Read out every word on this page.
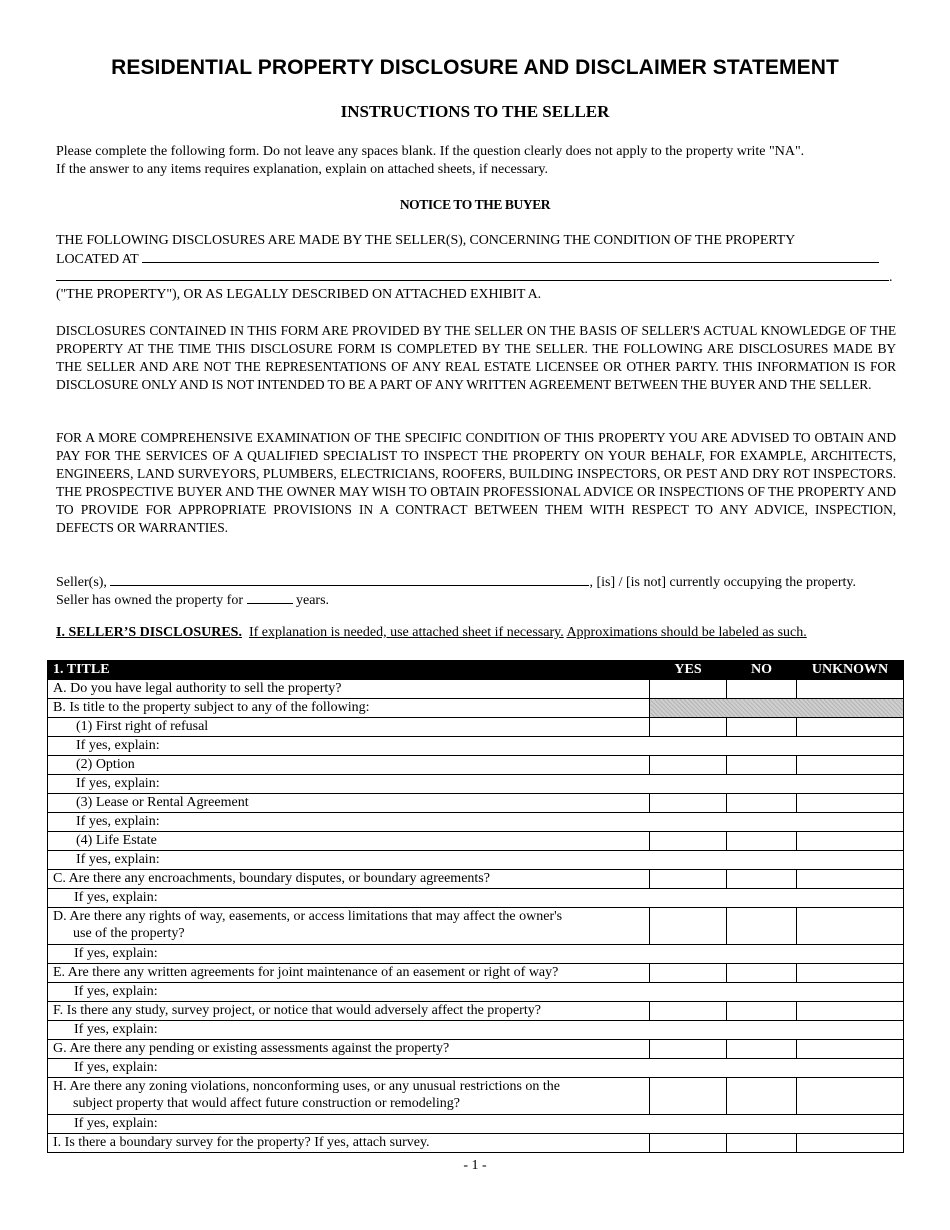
RESIDENTIAL PROPERTY DISCLOSURE AND DISCLAIMER STATEMENT
INSTRUCTIONS TO THE SELLER
Please complete the following form. Do not leave any spaces blank. If the question clearly does not apply to the property write "NA".
If the answer to any items requires explanation, explain on attached sheets, if necessary.
NOTICE TO THE BUYER
THE FOLLOWING DISCLOSURES ARE MADE BY THE SELLER(S), CONCERNING THE CONDITION OF THE PROPERTY
LOCATED AT
.
("THE PROPERTY"), OR AS LEGALLY DESCRIBED ON ATTACHED EXHIBIT A.
DISCLOSURES CONTAINED IN THIS FORM ARE PROVIDED BY THE SELLER ON THE BASIS OF SELLER'S ACTUAL KNOWLEDGE OF THE PROPERTY AT THE TIME THIS DISCLOSURE FORM IS COMPLETED BY THE SELLER. THE FOLLOWING ARE DISCLOSURES MADE BY THE SELLER AND ARE NOT THE REPRESENTATIONS OF ANY REAL ESTATE LICENSEE OR OTHER PARTY. THIS INFORMATION IS FOR DISCLOSURE ONLY AND IS NOT INTENDED TO BE A PART OF ANY WRITTEN AGREEMENT BETWEEN THE BUYER AND THE SELLER.
FOR A MORE COMPREHENSIVE EXAMINATION OF THE SPECIFIC CONDITION OF THIS PROPERTY YOU ARE ADVISED TO OBTAIN AND PAY FOR THE SERVICES OF A QUALIFIED SPECIALIST TO INSPECT THE PROPERTY ON YOUR BEHALF, FOR EXAMPLE, ARCHITECTS, ENGINEERS, LAND SURVEYORS, PLUMBERS, ELECTRICIANS, ROOFERS, BUILDING INSPECTORS, OR PEST AND DRY ROT INSPECTORS. THE PROSPECTIVE BUYER AND THE OWNER MAY WISH TO OBTAIN PROFESSIONAL ADVICE OR INSPECTIONS OF THE PROPERTY AND TO PROVIDE FOR APPROPRIATE PROVISIONS IN A CONTRACT BETWEEN THEM WITH RESPECT TO ANY ADVICE, INSPECTION, DEFECTS OR WARRANTIES.
Seller(s),	, [is] / [is not] currently occupying the property.
Seller has owned the property for	years.
I. SELLER’S DISCLOSURES. If explanation is needed, use attached sheet if necessary. Approximations should be labeled as such.
1. TITLE	YES	NO	UNKNOWN
A. Do you have legal authority to sell the property?			
B. Is title to the property subject to any of the following:			
(1) First right of refusal			
If yes, explain:			
(2) Option			
If yes, explain:			
(3) Lease or Rental Agreement			
If yes, explain:			
(4) Life Estate			
If yes, explain:			
C. Are there any encroachments, boundary disputes, or boundary agreements?			
If yes, explain:			
D. Are there any rights of way, easements, or access limitations that may affect the owner's
use of the property?			

If yes, explain:			
E. Are there any written agreements for joint maintenance of an easement or right of way?			
If yes, explain:			
F. Is there any study, survey project, or notice that would adversely affect the property?			
If yes, explain:			
G. Are there any pending or existing assessments against the property?			
If yes, explain:			
H. Are there any zoning violations, nonconforming uses, or any unusual restrictions on the
subject property that would affect future construction or remodeling?			

If yes, explain:			
I. Is there a boundary survey for the property? If yes, attach survey.			
- 1 -
